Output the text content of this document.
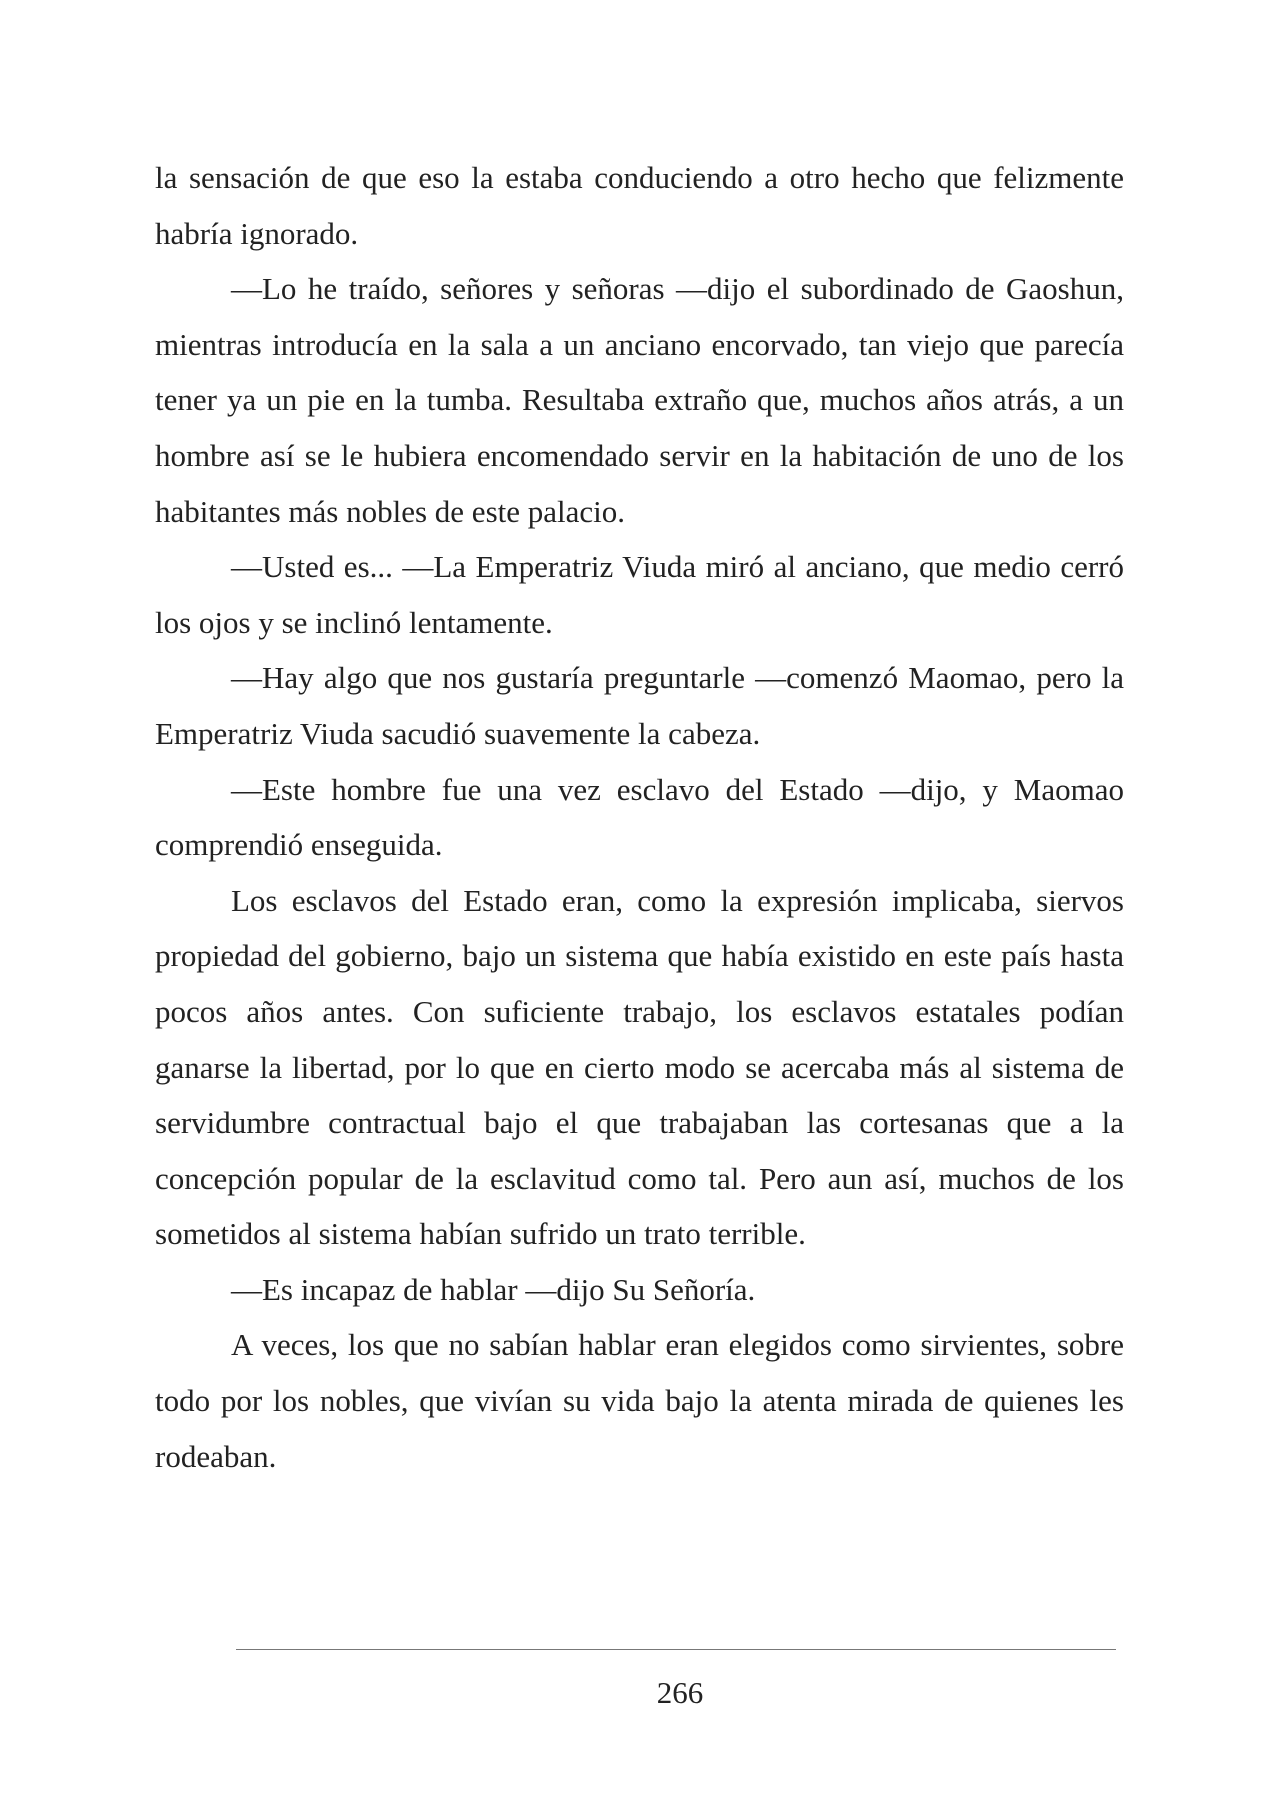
la sensación de que eso la estaba conduciendo a otro hecho que felizmente habría ignorado.

—Lo he traído, señores y señoras —dijo el subordinado de Gaoshun, mientras introducía en la sala a un anciano encorvado, tan viejo que parecía tener ya un pie en la tumba. Resultaba extraño que, muchos años atrás, a un hombre así se le hubiera encomendado servir en la habitación de uno de los habitantes más nobles de este palacio.

—Usted es... —La Emperatriz Viuda miró al anciano, que medio cerró los ojos y se inclinó lentamente.

—Hay algo que nos gustaría preguntarle —comenzó Maomao, pero la Emperatriz Viuda sacudió suavemente la cabeza.

—Este hombre fue una vez esclavo del Estado —dijo, y Maomao comprendió enseguida.

Los esclavos del Estado eran, como la expresión implicaba, siervos propiedad del gobierno, bajo un sistema que había existido en este país hasta pocos años antes. Con suficiente trabajo, los esclavos estatales podían ganarse la libertad, por lo que en cierto modo se acercaba más al sistema de servidumbre contractual bajo el que trabajaban las cortesanas que a la concepción popular de la esclavitud como tal. Pero aun así, muchos de los sometidos al sistema habían sufrido un trato terrible.

—Es incapaz de hablar —dijo Su Señoría.

A veces, los que no sabían hablar eran elegidos como sirvientes, sobre todo por los nobles, que vivían su vida bajo la atenta mirada de quienes les rodeaban.

266
